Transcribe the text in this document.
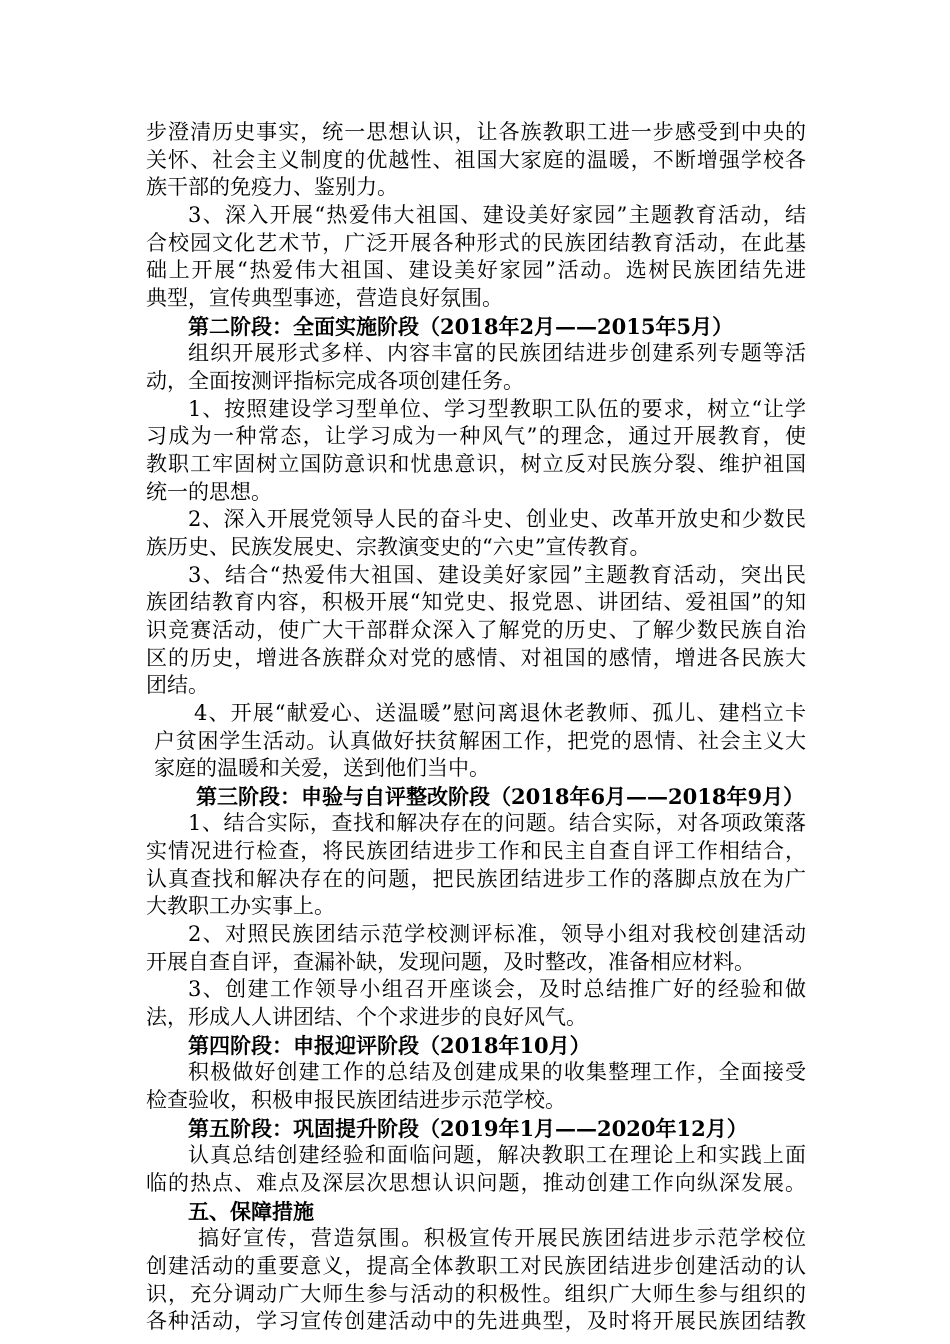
步澄清历史事实，统一思想认识，让各族教职工进一步感受到中央的
关怀、社会主义制度的优越性、祖国大家庭的温暖，不断增强学校各
族干部的免疫力、鉴别力。
3、深入开展“热爱伟大祖国、建设美好家园”主题教育活动，结
合校园文化艺术节，广泛开展各种形式的民族团结教育活动，在此基
础上开展“热爱伟大祖国、建设美好家园”活动。选树民族团结先进
典型，宣传典型事迹，营造良好氛围。
第二阶段：全面实施阶段（2018年2月——2015年5月）
组织开展形式多样、内容丰富的民族团结进步创建系列专题等活
动，全面按测评指标完成各项创建任务。
1、按照建设学习型单位、学习型教职工队伍的要求，树立“让学
习成为一种常态，让学习成为一种风气”的理念，通过开展教育，使
教职工牢固树立国防意识和忧患意识，树立反对民族分裂、维护祖国
统一的思想。
2、深入开展党领导人民的奋斗史、创业史、改革开放史和少数民
族历史、民族发展史、宗教演变史的“六史”宣传教育。
3、结合“热爱伟大祖国、建设美好家园”主题教育活动，突出民
族团结教育内容，积极开展“知党史、报党恩、讲团结、爱祖国”的知
识竞赛活动，使广大干部群众深入了解党的历史、了解少数民族自治
区的历史，增进各族群众对党的感情、对祖国的感情，增进各民族大
团结。
4、开展“献爱心、送温暖”慰问离退休老教师、孤儿、建档立卡
户贫困学生活动。认真做好扶贫解困工作，把党的恩情、社会主义大
家庭的温暖和关爱，送到他们当中。
第三阶段：申验与自评整改阶段（2018年6月——2018年9月）
1、结合实际，查找和解决存在的问题。结合实际，对各项政策落
实情况进行检查，将民族团结进步工作和民主自查自评工作相结合，
认真查找和解决存在的问题，把民族团结进步工作的落脚点放在为广
大教职工办实事上。
2、对照民族团结示范学校测评标准，领导小组对我校创建活动
开展自查自评，查漏补缺，发现问题，及时整改，准备相应材料。
3、创建工作领导小组召开座谈会，及时总结推广好的经验和做
法，形成人人讲团结、个个求进步的良好风气。
第四阶段：申报迎评阶段（2018年10月）
积极做好创建工作的总结及创建成果的收集整理工作，全面接受
检查验收，积极申报民族团结进步示范学校。
第五阶段：巩固提升阶段（2019年1月——2020年12月）
认真总结创建经验和面临问题，解决教职工在理论上和实践上面
临的热点、难点及深层次思想认识问题，推动创建工作向纵深发展。
五、保障措施
搞好宣传，营造氛围。积极宣传开展民族团结进步示范学校位
创建活动的重要意义，提高全体教职工对民族团结进步创建活动的认
识，充分调动广大师生参与活动的积极性。组织广大师生参与组织的
各种活动，学习宣传创建活动中的先进典型，及时将开展民族团结教
